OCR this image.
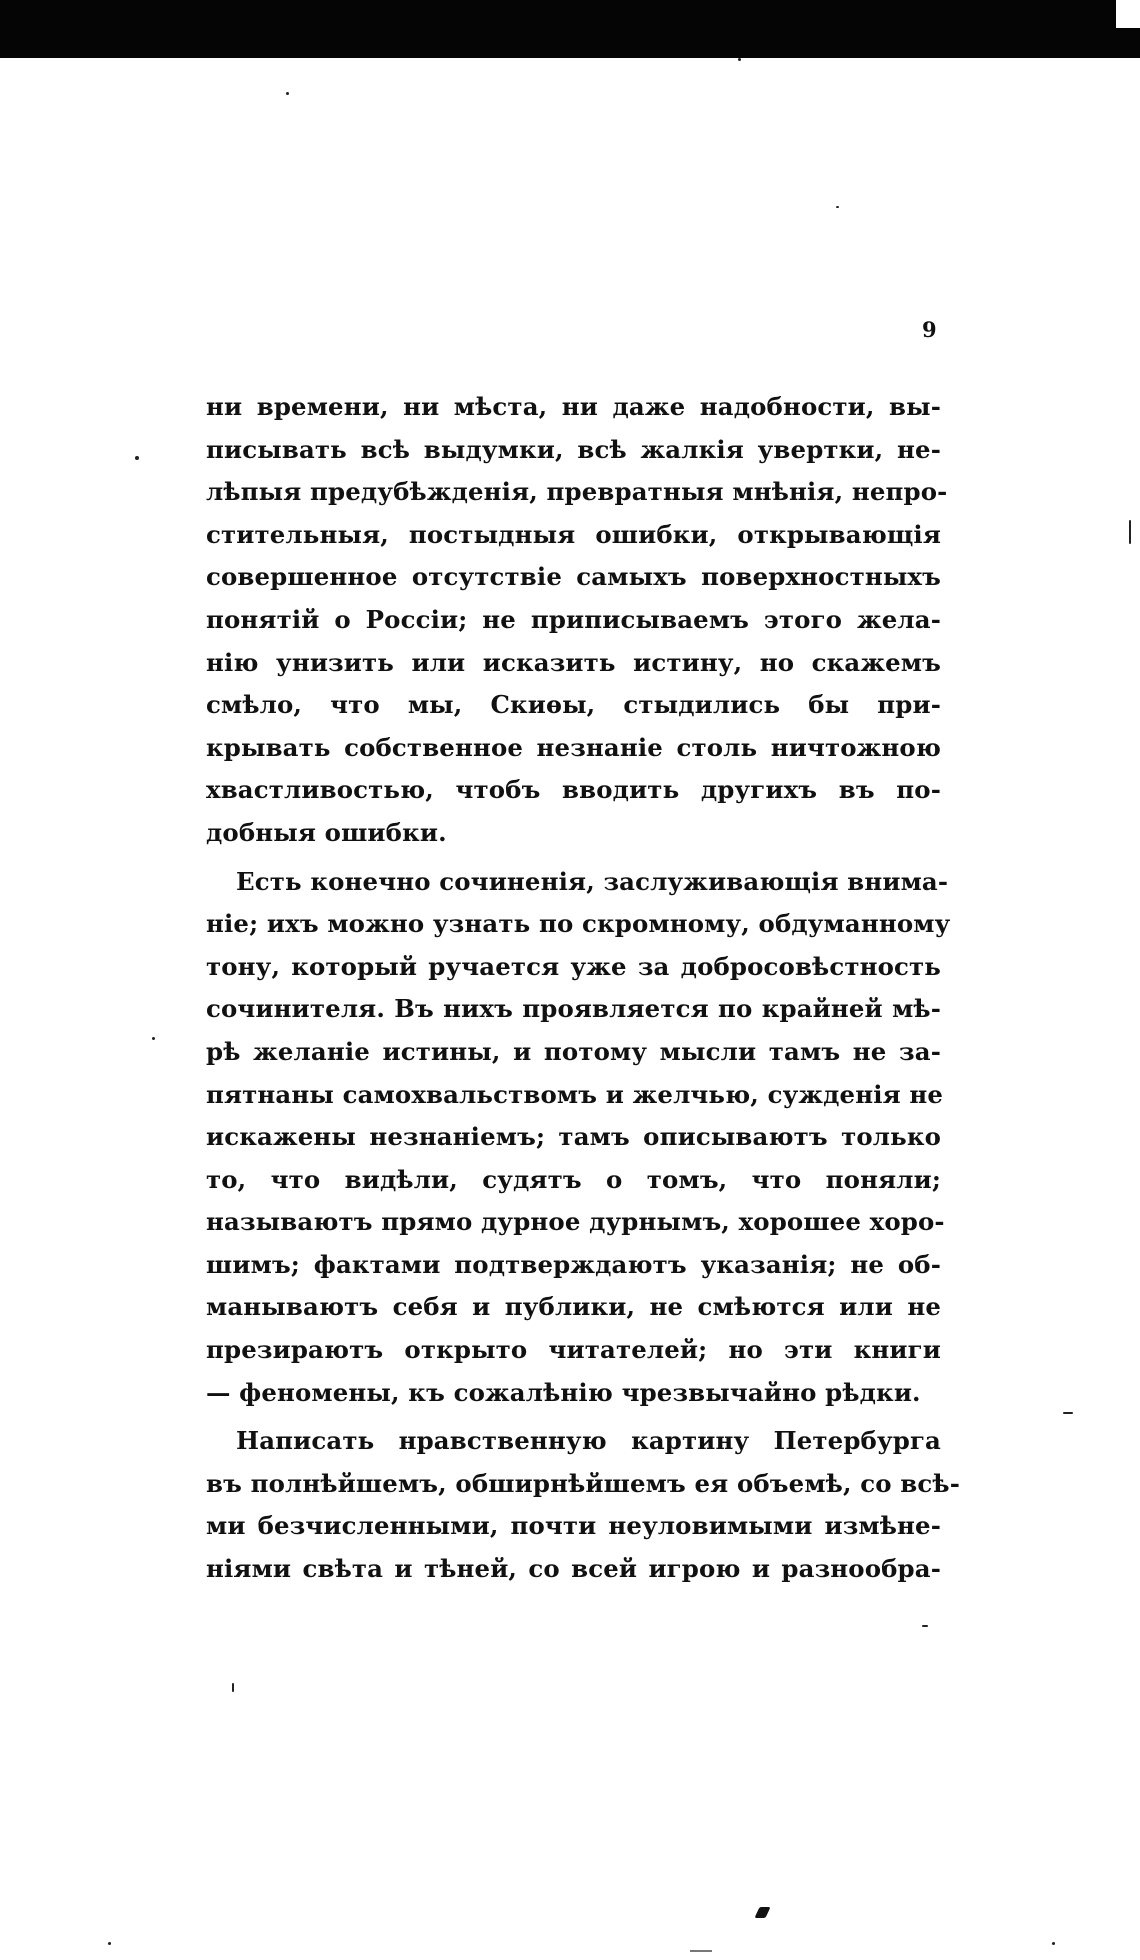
9
ни времени, ни мѣста, ни даже надобности, вы-
писывать всѣ выдумки, всѣ жалкія увертки, не-
лѣпыя предубѣжденія, превратныя мнѣнія, непро-
стительныя, постыдныя ошибки, открывающія
совершенное отсутствіе самыхъ поверхностныхъ
понятій о Россіи; не приписываемъ этого жела-
нію унизить или исказить истину, но скажемъ
смѣло, что мы, Скиѳы, стыдились бы при-
крывать собственное незнаніе столь ничтожною
хвастливостью, чтобъ вводить другихъ въ по-
добныя ошибки.
Есть конечно сочиненія, заслуживающія внима-
ніе; ихъ можно узнать по скромному, обдуманному
тону, который ручается уже за добросовѣстность
сочинителя. Въ нихъ проявляется по крайней мѣ-
рѣ желаніе истины, и потому мысли тамъ не за-
пятнаны самохвальствомъ и желчью, сужденія не
искажены незнаніемъ; тамъ описываютъ только
то, что видѣли, судятъ о томъ, что поняли;
называютъ прямо дурное дурнымъ, хорошее хоро-
шимъ; фактами подтверждаютъ указанія; не об-
манываютъ себя и публики, не смѣются или не
презираютъ открыто читателей; но эти книги
— феномены, къ сожалѣнію чрезвычайно рѣдки.
Написать нравственную картину Петербурга
въ полнѣйшемъ, обширнѣйшемъ ея объемѣ, со всѣ-
ми безчисленными, почти неуловимыми измѣне-
ніями свѣта и тѣней, со всей игрою и разнообра-
